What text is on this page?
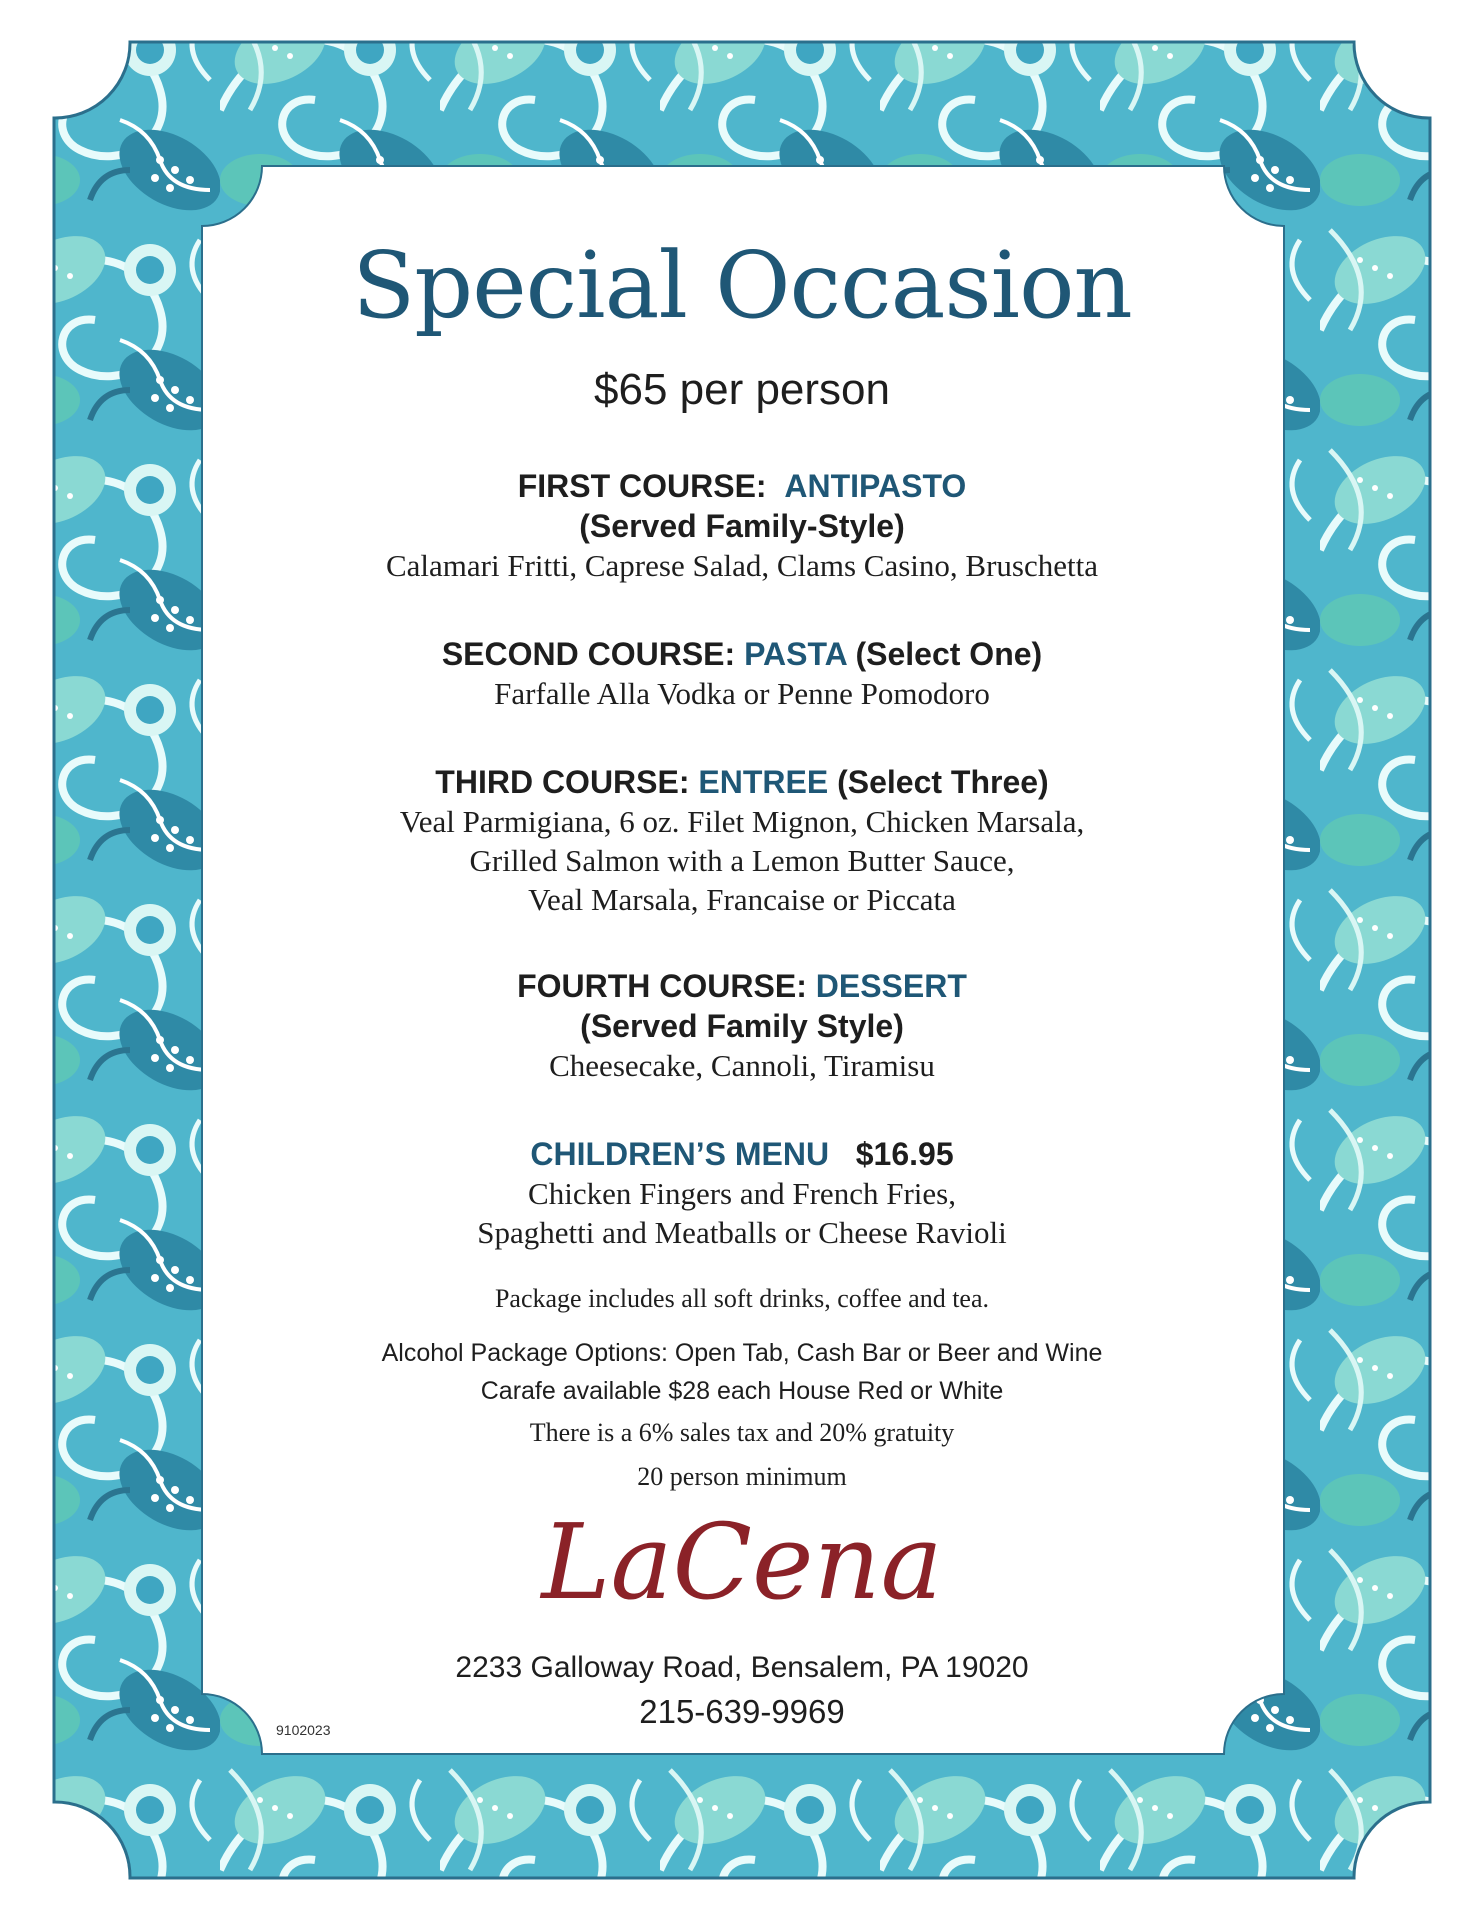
Special Occasion
$65 per person
FIRST COURSE: ANTIPASTO
(Served Family-Style)
Calamari Fritti, Caprese Salad, Clams Casino, Bruschetta
SECOND COURSE: PASTA (Select One)
Farfalle Alla Vodka or Penne Pomodoro
THIRD COURSE: ENTREE (Select Three)
Veal Parmigiana, 6 oz. Filet Mignon, Chicken Marsala,
Grilled Salmon with a Lemon Butter Sauce,
Veal Marsala, Francaise or Piccata
FOURTH COURSE: DESSERT
(Served Family Style)
Cheesecake, Cannoli, Tiramisu
CHILDREN’S MENU $16.95
Chicken Fingers and French Fries,
Spaghetti and Meatballs or Cheese Ravioli
Package includes all soft drinks, coffee and tea.
Alcohol Package Options: Open Tab, Cash Bar or Beer and Wine
Carafe available $28 each House Red or White
There is a 6% sales tax and 20% gratuity
20 person minimum
LaCena
2233 Galloway Road, Bensalem, PA 19020
215-639-9969
9102023
